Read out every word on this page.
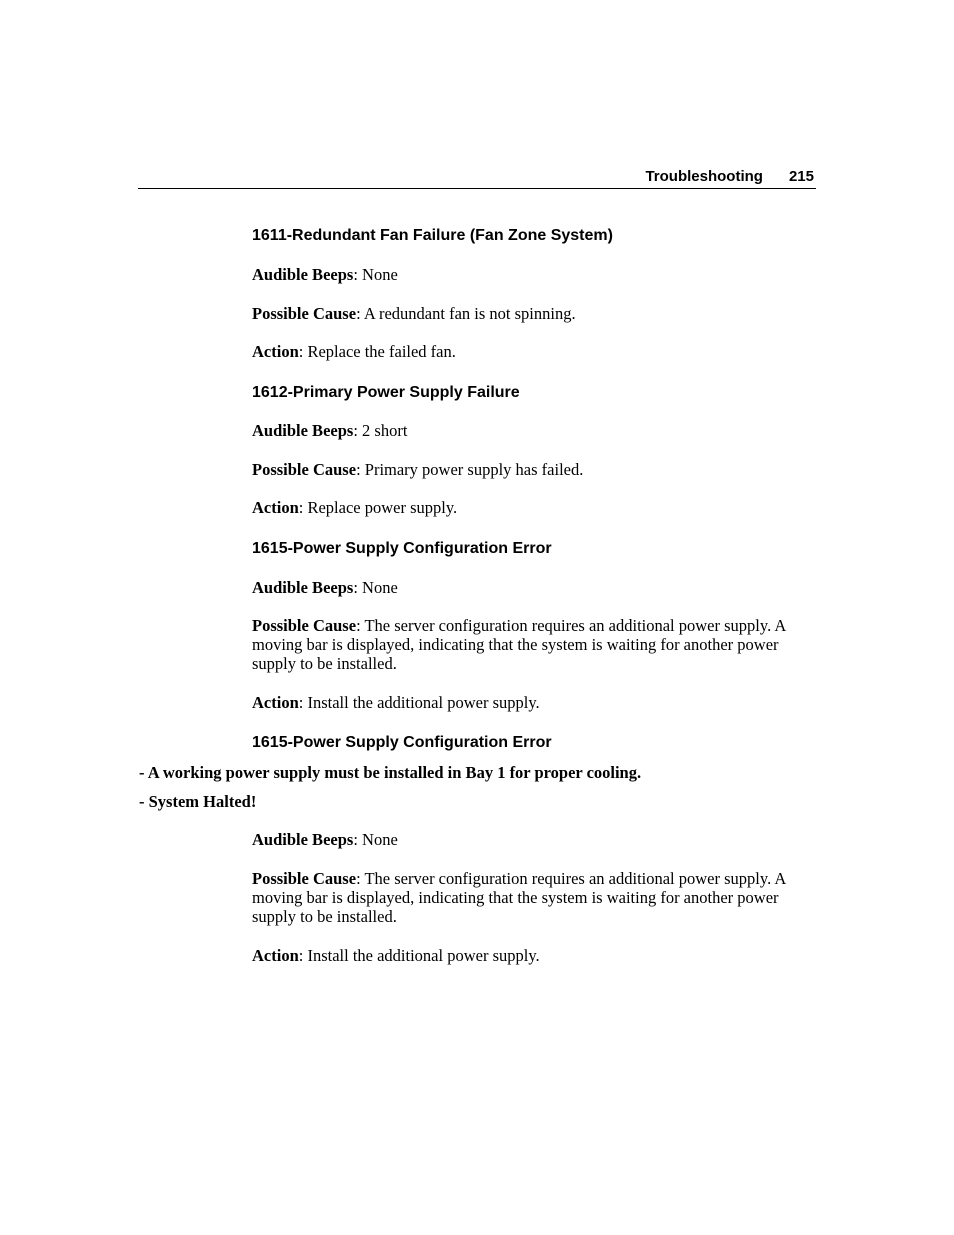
Troubleshooting 215
1611-Redundant Fan Failure (Fan Zone System)
Audible Beeps: None
Possible Cause: A redundant fan is not spinning.
Action: Replace the failed fan.
1612-Primary Power Supply Failure
Audible Beeps: 2 short
Possible Cause: Primary power supply has failed.
Action: Replace power supply.
1615-Power Supply Configuration Error
Audible Beeps: None
Possible Cause: The server configuration requires an additional power supply. A moving bar is displayed, indicating that the system is waiting for another power supply to be installed.
Action: Install the additional power supply.
1615-Power Supply Configuration Error
- A working power supply must be installed in Bay 1 for proper cooling.
- System Halted!
Audible Beeps: None
Possible Cause: The server configuration requires an additional power supply. A moving bar is displayed, indicating that the system is waiting for another power supply to be installed.
Action: Install the additional power supply.
